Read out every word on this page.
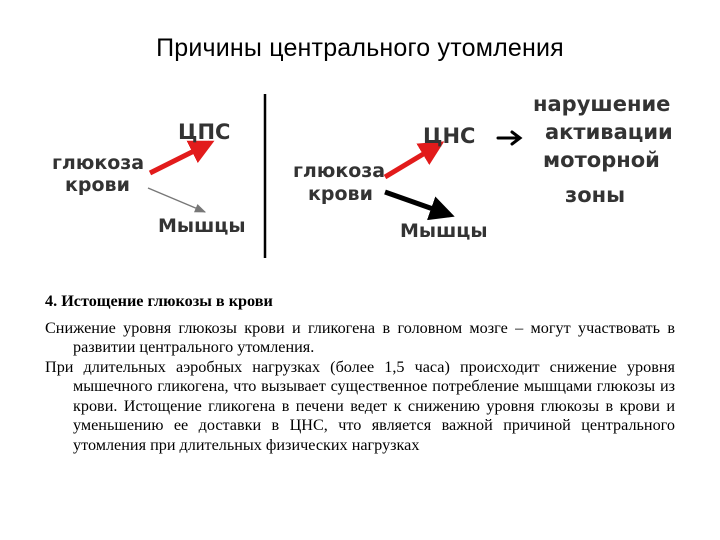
Причины центрального утомления
глюкоза
крови
ЦПС
Мышцы
глюкоза
крови
ЦНС
Мышцы
нарушение
активации
моторной
зоны

4. Истощение глюкозы в крови

Снижение уровня глюкозы крови и гликогена в головном мозге – могут участвовать в развитии центрального утомления.

При длительных аэробных нагрузках (более 1,5 часа) происходит снижение уровня мышечного гликогена, что вызывает существенное потребление мышцами глюкозы из крови. Истощение гликогена в печени ведет к снижению уровня глюкозы в крови и уменьшению ее доставки в ЦНС, что является важной причиной центрального утомления при длительных физических нагрузках
